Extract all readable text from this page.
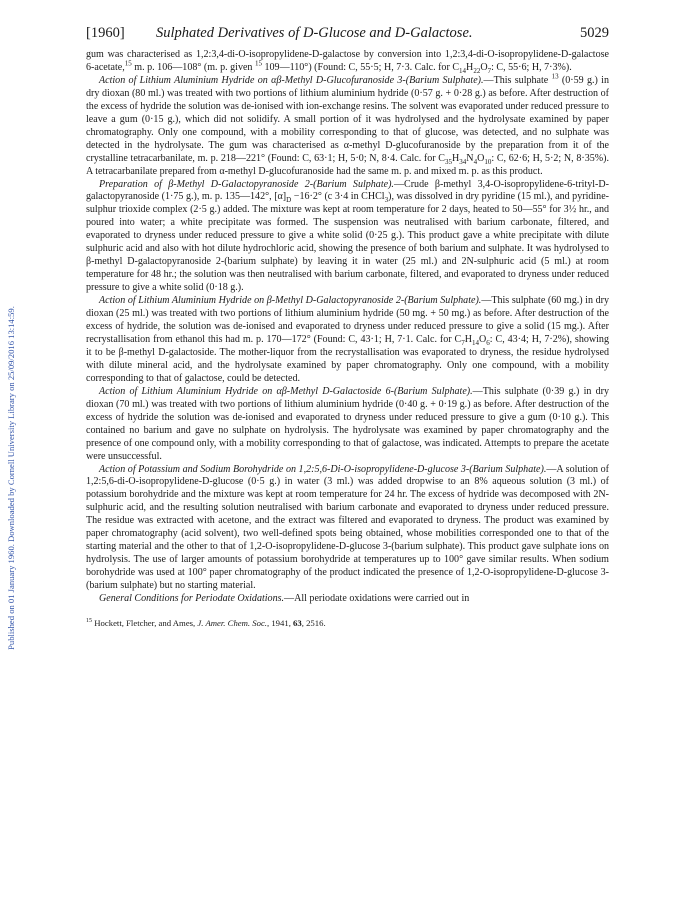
Published on 01 January 1960. Downloaded by Cornell University Library on 25/09/2016 13:14:59.
[1960] Sulphated Derivatives of D-Glucose and D-Galactose.	5029

gum was characterised as 1,2:3,4-di-O-isopropylidene-D-galactose by conversion into 1,2:3,4-di-O-isopropylidene-D-galactose 6-acetate,$^{15}$ m. p. 106—108° (m. p. given $^{15}$ 109—110°) (Found: C, 55·5; H, 7·3. Calc. for $C_{14}H_{22}O_7$: C, 55·6; H, 7·3%).

Action of Lithium Aluminium Hydride on αβ-Methyl D-Glucofuranoside 3-(Barium Sulphate).—This sulphate $^{13}$ (0·59 g.) in dry dioxan (80 ml.) was treated with two portions of lithium aluminium hydride (0·57 g. + 0·28 g.) as before. After destruction of the excess of hydride the solution was de-ionised with ion-exchange resins. The solvent was evaporated under reduced pressure to leave a gum (0·15 g.), which did not solidify. A small portion of it was hydrolysed and the hydrolysate examined by paper chromatography. Only one compound, with a mobility corresponding to that of glucose, was detected, and no sulphate was detected in the hydrolysate. The gum was characterised as α-methyl D-glucofuranoside by the preparation from it of the crystalline tetracarbanilate, m. p. 218—221° (Found: C, 63·1; H, 5·0; N, 8·4. Calc. for $C_{35}H_{34}N_4O_{10}$: C, 62·6; H, 5·2; N, 8·35%). A tetracarbanilate prepared from α-methyl D-glucofuranoside had the same m. p. and mixed m. p. as this product.

Preparation of β-Methyl D-Galactopyranoside 2-(Barium Sulphate).—Crude β-methyl 3,4-O-isopropylidene-6-trityl-D-galactopyranoside (1·75 g.), m. p. 135—142°, $[\alpha]_D -16\cdot 2^\circ$ (c 3·4 in CHCl$_3$), was dissolved in dry pyridine (15 ml.), and pyridine-sulphur trioxide complex (2·5 g.) added. The mixture was kept at room temperature for 2 days, heated to 50—55° for 3½ hr., and poured into water; a white precipitate was formed. The suspension was neutralised with barium carbonate, filtered, and evaporated to dryness under reduced pressure to give a white solid (0·25 g.). This product gave a white precipitate with dilute sulphuric acid and also with hot dilute hydrochloric acid, showing the presence of both barium and sulphate. It was hydrolysed to β-methyl D-galactopyranoside 2-(barium sulphate) by leaving it in water (25 ml.) and 2N-sulphuric acid (5 ml.) at room temperature for 48 hr.; the solution was then neutralised with barium carbonate, filtered, and evaporated to dryness under reduced pressure to give a white solid (0·18 g.).

Action of Lithium Aluminium Hydride on β-Methyl D-Galactopyranoside 2-(Barium Sulphate).—This sulphate (60 mg.) in dry dioxan (25 ml.) was treated with two portions of lithium aluminium hydride (50 mg. + 50 mg.) as before. After destruction of the excess of hydride, the solution was de-ionised and evaporated to dryness under reduced pressure to give a solid (15 mg.). After recrystallisation from ethanol this had m. p. 170—172° (Found: C, 43·1; H, 7·1. Calc. for $C_7H_{14}O_6$: C, 43·4; H, 7·2%), showing it to be β-methyl D-galactoside. The mother-liquor from the recrystallisation was evaporated to dryness, the residue hydrolysed with dilute mineral acid, and the hydrolysate examined by paper chromatography. Only one compound, with a mobility corresponding to that of galactose, could be detected.

Action of Lithium Aluminium Hydride on αβ-Methyl D-Galactoside 6-(Barium Sulphate).—This sulphate (0·39 g.) in dry dioxan (70 ml.) was treated with two portions of lithium aluminium hydride (0·40 g. + 0·19 g.) as before. After destruction of the excess of hydride the solution was de-ionised and evaporated to dryness under reduced pressure to give a gum (0·10 g.). This contained no barium and gave no sulphate on hydrolysis. The hydrolysate was examined by paper chromatography and the presence of one compound only, with a mobility corresponding to that of galactose, was indicated. Attempts to prepare the acetate were unsuccessful.

Action of Potassium and Sodium Borohydride on 1,2:5,6-Di-O-isopropylidene-D-glucose 3-(Barium Sulphate).—A solution of 1,2:5,6-di-O-isopropylidene-D-glucose (0·5 g.) in water (3 ml.) was added dropwise to an 8% aqueous solution (3 ml.) of potassium borohydride and the mixture was kept at room temperature for 24 hr. The excess of hydride was decomposed with 2N-sulphuric acid, and the resulting solution neutralised with barium carbonate and evaporated to dryness under reduced pressure. The residue was extracted with acetone, and the extract was filtered and evaporated to dryness. The product was examined by paper chromatography (acid solvent), two well-defined spots being obtained, whose mobilities corresponded one to that of the starting material and the other to that of 1,2-O-isopropylidene-D-glucose 3-(barium sulphate). This product gave sulphate ions on hydrolysis. The use of larger amounts of potassium borohydride at temperatures up to 100° gave similar results. When sodium borohydride was used at 100° paper chromatography of the product indicated the presence of 1,2-O-isopropylidene-D-glucose 3-(barium sulphate) but no starting material.

General Conditions for Periodate Oxidations.—All periodate oxidations were carried out in

$^{15}$ Hockett, Fletcher, and Ames, J. Amer. Chem. Soc., 1941, 63, 2516.
